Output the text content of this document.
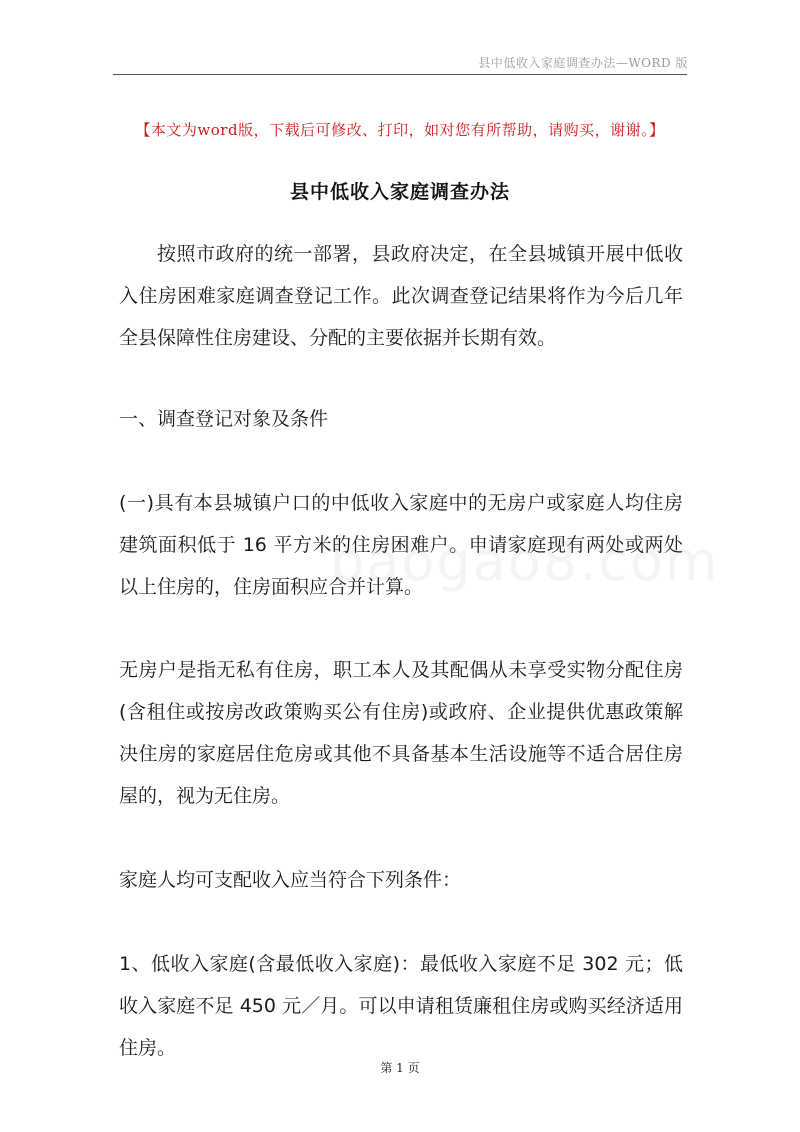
县中低收入家庭调查办法—WORD 版
【本文为word版，下载后可修改、打印，如对您有所帮助，请购买，谢谢。】
县中低收入家庭调查办法

按照市政府的统一部署，县政府决定，在全县城镇开展中低收入住房困难家庭调查登记工作。此次调查登记结果将作为今后几年全县保障性住房建设、分配的主要依据并长期有效。

一、调查登记对象及条件

(一)具有本县城镇户口的中低收入家庭中的无房户或家庭人均住房建筑面积低于 16 平方米的住房困难户。申请家庭现有两处或两处以上住房的，住房面积应合并计算。

无房户是指无私有住房，职工本人及其配偶从未享受实物分配住房(含租住或按房改政策购买公有住房)或政府、企业提供优惠政策解决住房的家庭居住危房或其他不具备基本生活设施等不适合居住房屋的，视为无住房。

家庭人均可支配收入应当符合下列条件：

1、低收入家庭(含最低收入家庭)：最低收入家庭不足 302 元；低收入家庭不足 450 元／月。可以申请租赁廉租住房或购买经济适用住房。

第 1 页
